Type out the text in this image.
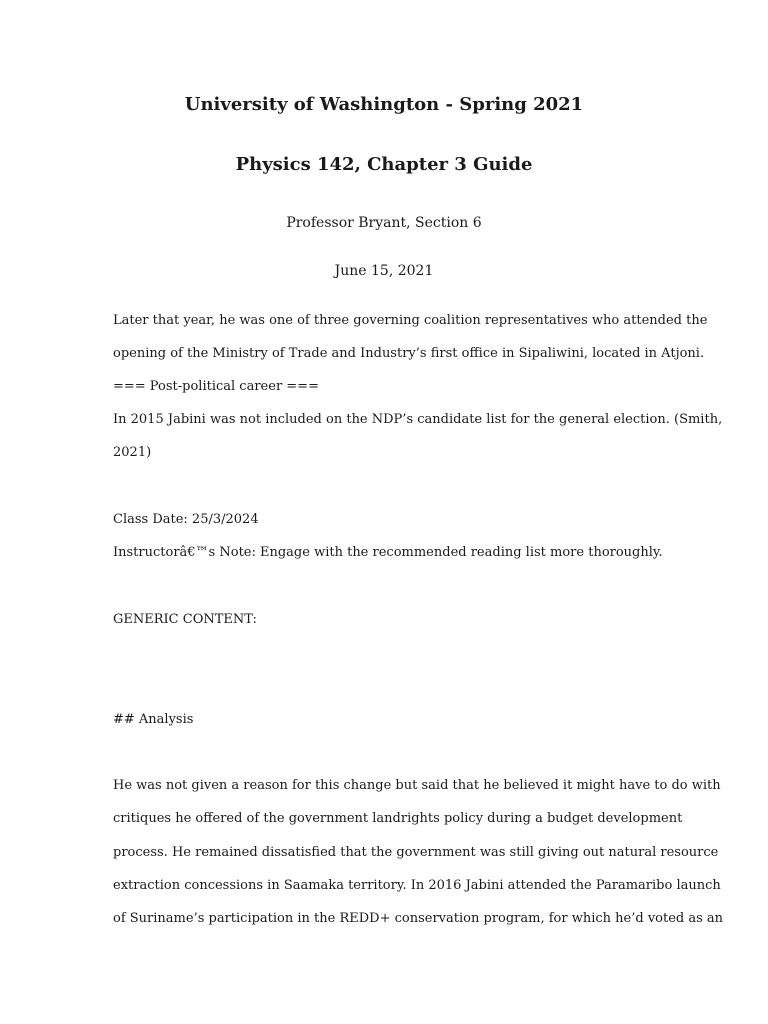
University of Washington - Spring 2021
Physics 142, Chapter 3 Guide
Professor Bryant, Section 6
June 15, 2021
Later that year, he was one of three governing coalition representatives who attended the
opening of the Ministry of Trade and Industry’s first office in Sipaliwini, located in Atjoni.
=== Post-political career ===
In 2015 Jabini was not included on the NDP’s candidate list for the general election. (Smith,
2021)
Class Date: 25/3/2024
Instructorâ€™s Note: Engage with the recommended reading list more thoroughly.
GENERIC CONTENT:
## Analysis
He was not given a reason for this change but said that he believed it might have to do with
critiques he offered of the government landrights policy during a budget development
process. He remained dissatisfied that the government was still giving out natural resource
extraction concessions in Saamaka territory. In 2016 Jabini attended the Paramaribo launch
of Suriname’s participation in the REDD+ conservation program, for which he’d voted as an
